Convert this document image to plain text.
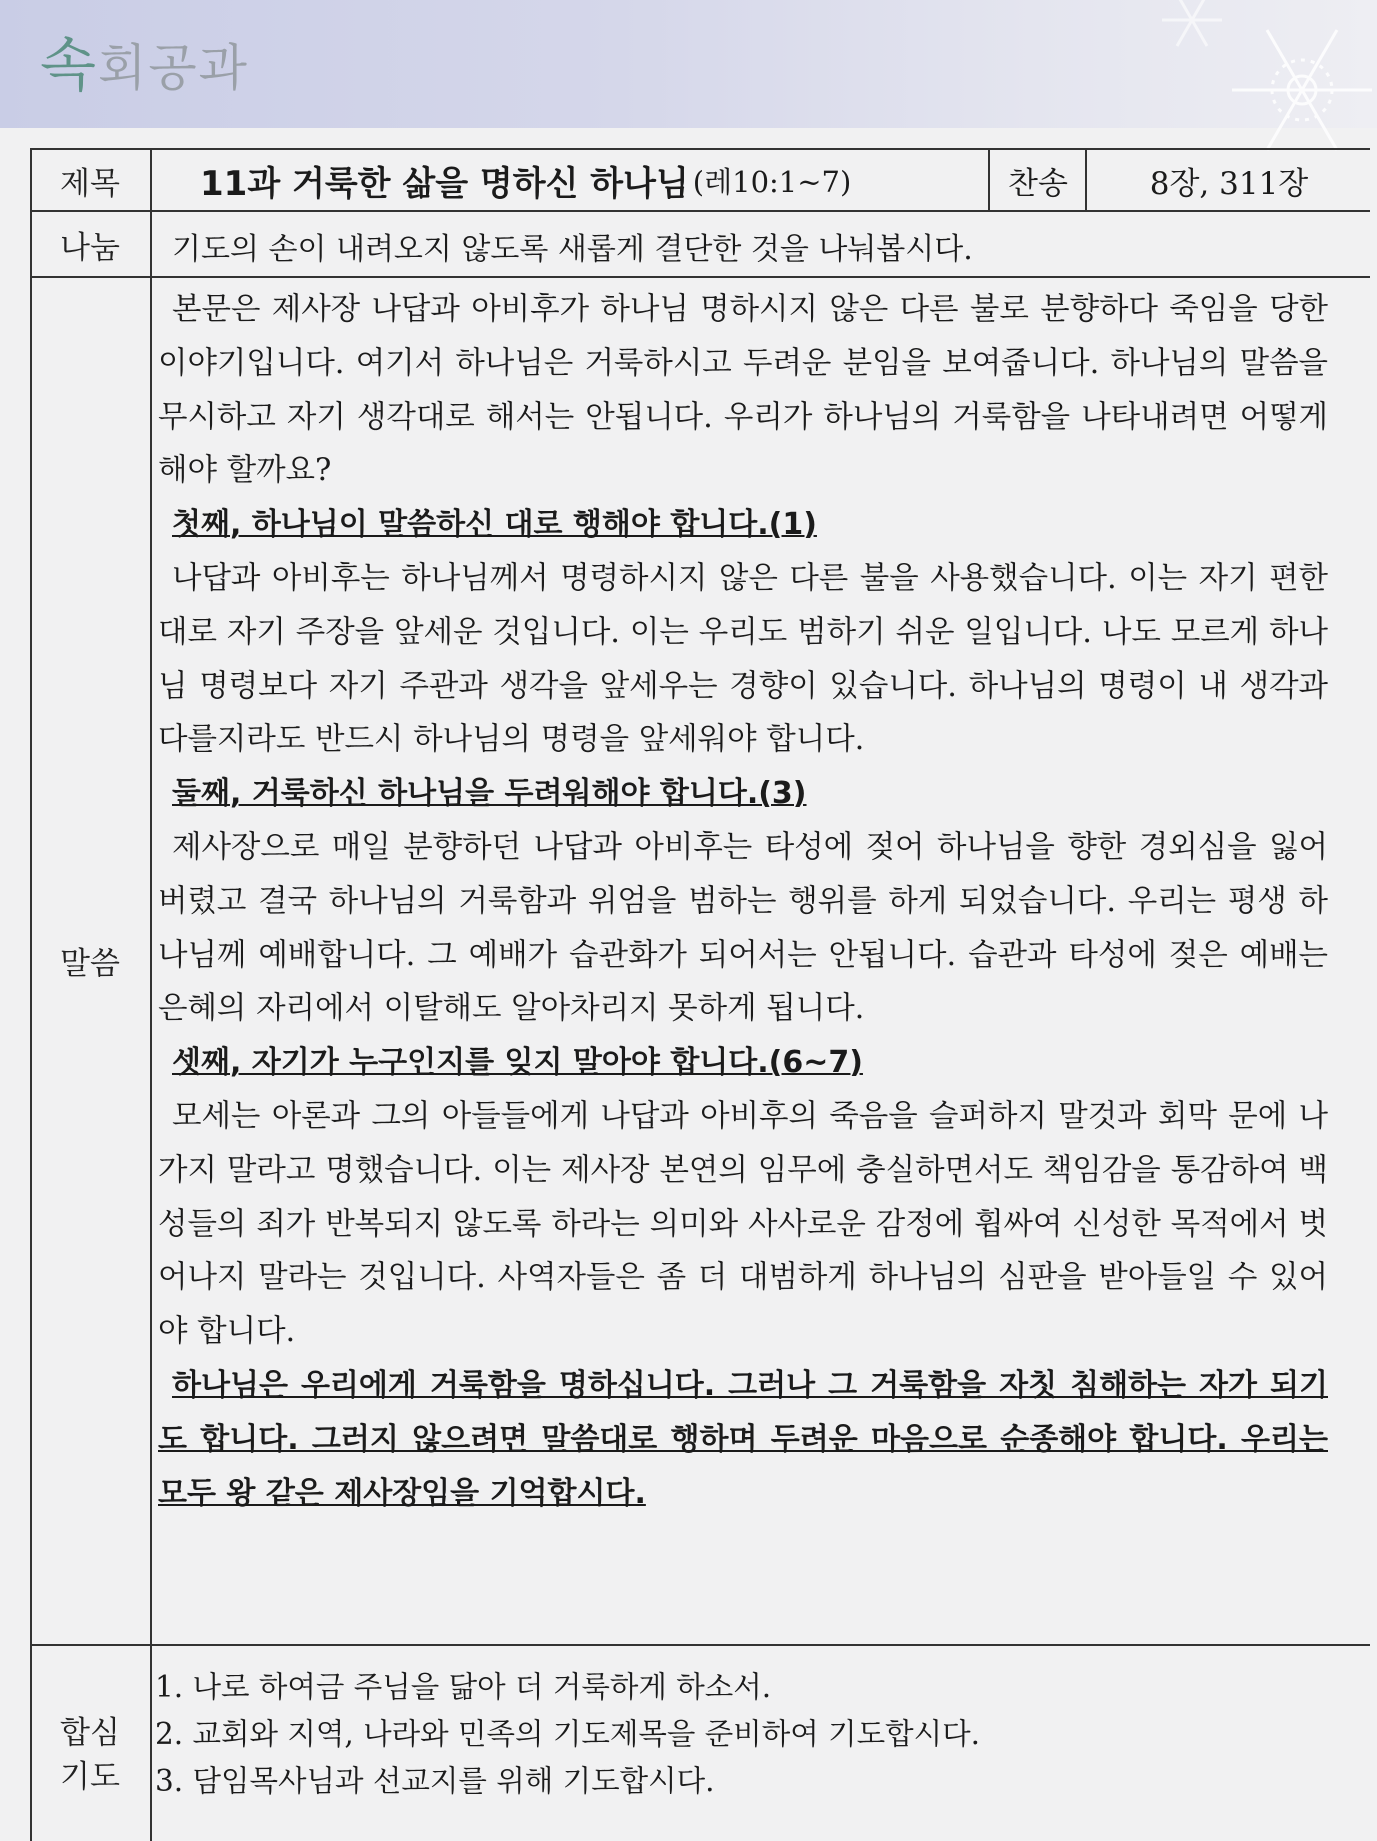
속회공과
제목
나눔
말씀
합심
기도
11과 거룩한 삶을 명하신 하나님 (레10:1~7)	찬송	8장, 311장
기도의 손이 내려오지 않도록 새롭게 결단한 것을 나눠봅시다.

본문은 제사장 나답과 아비후가 하나님 명하시지 않은 다른 불로 분향하다 죽임을 당한 이야기입니다. 여기서 하나님은 거룩하시고 두려운 분임을 보여줍니다. 하나님의 말씀을 무시하고 자기 생각대로 해서는 안됩니다. 우리가 하나님의 거룩함을 나타내려면 어떻게 해야 할까요?

첫째, 하나님이 말씀하신 대로 행해야 합니다.(1)

나답과 아비후는 하나님께서 명령하시지 않은 다른 불을 사용했습니다. 이는 자기 편한 대로 자기 주장을 앞세운 것입니다. 이는 우리도 범하기 쉬운 일입니다. 나도 모르게 하나님 명령보다 자기 주관과 생각을 앞세우는 경향이 있습니다. 하나님의 명령이 내 생각과 다를지라도 반드시 하나님의 명령을 앞세워야 합니다.

둘째, 거룩하신 하나님을 두려워해야 합니다.(3)

제사장으로 매일 분향하던 나답과 아비후는 타성에 젖어 하나님을 향한 경외심을 잃어버렸고 결국 하나님의 거룩함과 위엄을 범하는 행위를 하게 되었습니다. 우리는 평생 하나님께 예배합니다. 그 예배가 습관화가 되어서는 안됩니다. 습관과 타성에 젖은 예배는 은혜의 자리에서 이탈해도 알아차리지 못하게 됩니다.

셋째, 자기가 누구인지를 잊지 말아야 합니다.(6~7)

모세는 아론과 그의 아들들에게 나답과 아비후의 죽음을 슬퍼하지 말것과 회막 문에 나가지 말라고 명했습니다. 이는 제사장 본연의 임무에 충실하면서도 책임감을 통감하여 백성들의 죄가 반복되지 않도록 하라는 의미와 사사로운 감정에 휩싸여 신성한 목적에서 벗어나지 말라는 것입니다. 사역자들은 좀 더 대범하게 하나님의 심판을 받아들일 수 있어야 합니다.

하나님은 우리에게 거룩함을 명하십니다. 그러나 그 거룩함을 자칫 침해하는 자가 되기도 합니다. 그러지 않으려면 말씀대로 행하며 두려운 마음으로 순종해야 합니다. 우리는 모두 왕 같은 제사장임을 기억합시다.

1. 나로 하여금 주님을 닮아 더 거룩하게 하소서.
2. 교회와 지역, 나라와 민족의 기도제목을 준비하여 기도합시다.
3. 담임목사님과 선교지를 위해 기도합시다.
